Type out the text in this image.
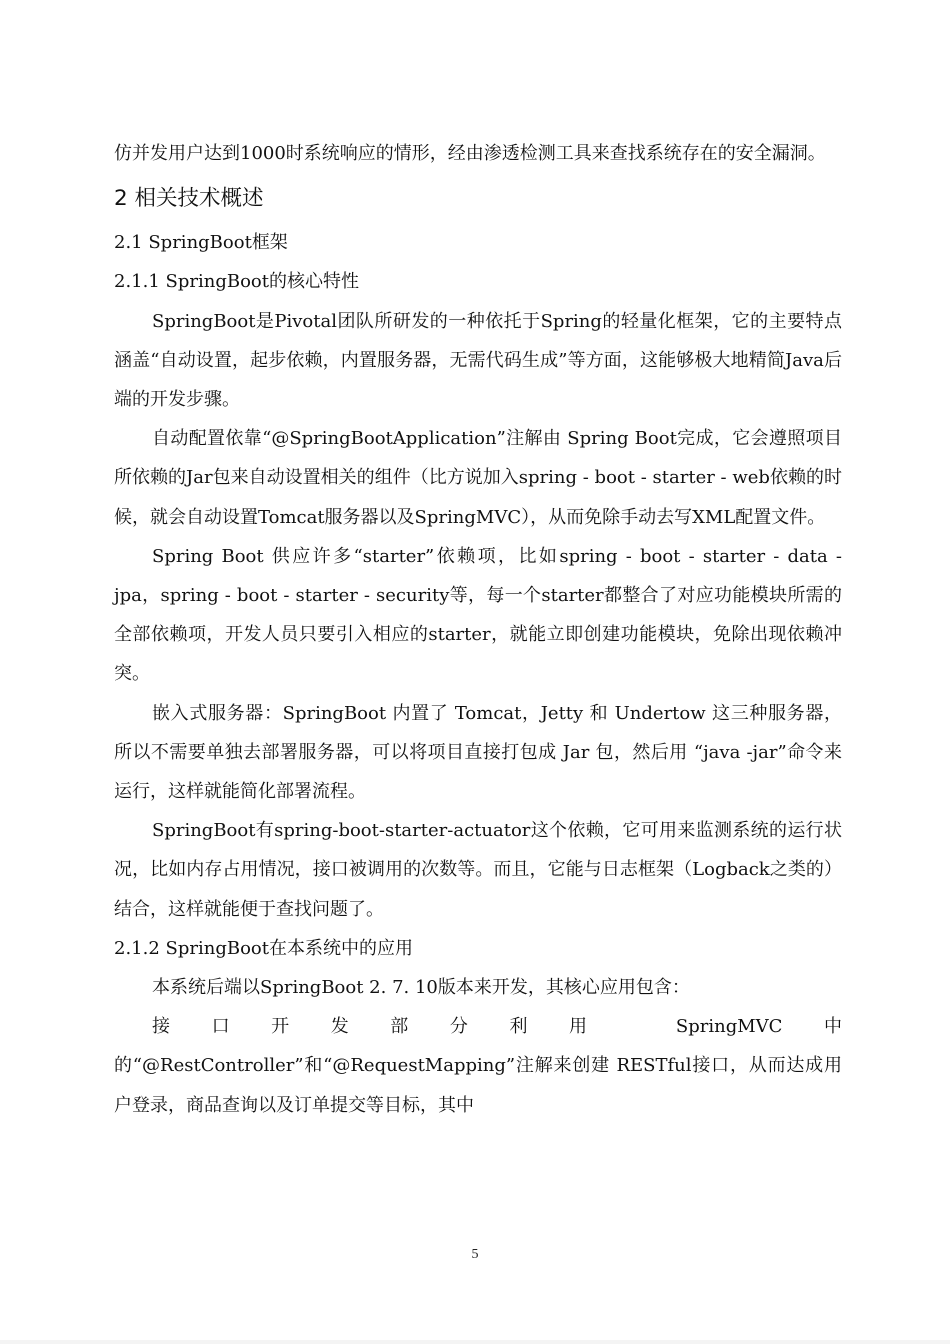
仿并发用户达到1000时系统响应的情形，经由渗透检测工具来查找系统存在的安全漏洞。

2 相关技术概述
2.1 SpringBoot框架
2.1.1 SpringBoot的核心特性

SpringBoot是Pivotal团队所研发的一种依托于Spring的轻量化框架，它的主要特点涵盖“自动设置，起步依赖，内置服务器，无需代码生成”等方面，这能够极大地精简Java后端的开发步骤。

自动配置依靠“@SpringBootApplication”注解由 Spring Boot完成，它会遵照项目所依赖的Jar包来自动设置相关的组件（比方说加入spring - boot - starter - web依赖的时候，就会自动设置Tomcat服务器以及SpringMVC），从而免除手动去写XML配置文件。

Spring Boot 供应许多“starter”依赖项，比如spring - boot - starter - data - jpa，spring - boot - starter - security等，每一个starter都整合了对应功能模块所需的全部依赖项，开发人员只要引入相应的starter，就能立即创建功能模块，免除出现依赖冲突。

嵌入式服务器：SpringBoot 内置了 Tomcat，Jetty 和 Undertow 这三种服务器，所以不需要单独去部署服务器，可以将项目直接打包成 Jar 包，然后用 “java -jar”命令来运行，这样就能简化部署流程。

SpringBoot有spring-boot-starter-actuator这个依赖，它可用来监测系统的运行状况，比如内存占用情况，接口被调用的次数等。而且，它能与日志框架（Logback之类的）结合，这样就能便于查找问题了。

2.1.2 SpringBoot在本系统中的应用

本系统后端以SpringBoot 2. 7. 10版本来开发，其核心应用包含：

接口开发部分利用 SpringMVC中的“@RestController”和“@RequestMapping”注解来创建 RESTful接口，从而达成用户登录，商品查询以及订单提交等目标，其中

5
